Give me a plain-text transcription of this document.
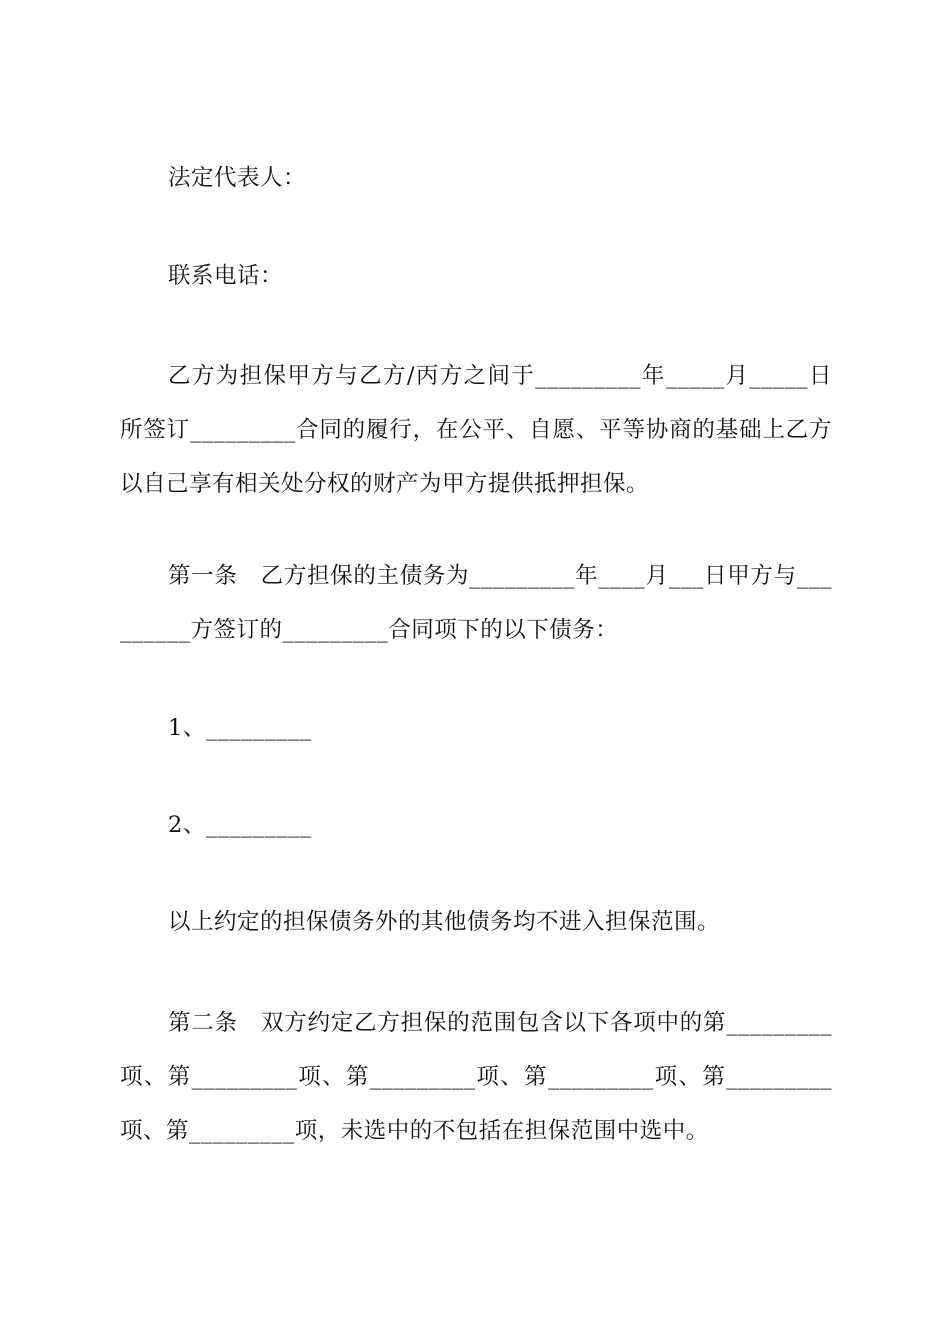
法定代表人：

联系电话：

乙方为担保甲方与乙方/丙方之间于_________年_____月_____日所签订_________合同的履行，在公平、自愿、平等协商的基础上乙方以自己享有相关处分权的财产为甲方提供抵押担保。

第一条　乙方担保的主债务为_________年____月___日甲方与_________方签订的_________合同项下的以下债务：

1、_________

2、_________

以上约定的担保债务外的其他债务均不进入担保范围。

第二条　双方约定乙方担保的范围包含以下各项中的第_________项、第_________项、第_________项、第_________项、第_________项、第_________项，未选中的不包括在担保范围中选中。
